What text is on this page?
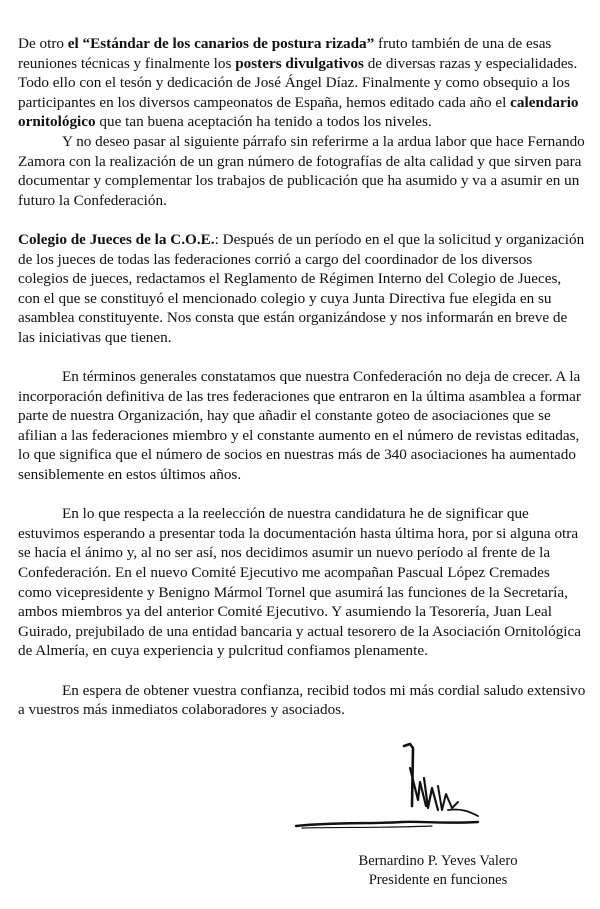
De otro el “Estándar de los canarios de postura rizada” fruto también de una de esas reuniones técnicas y finalmente los posters divulgativos de diversas razas y especialidades. Todo ello con el tesón y dedicación de José Ángel Díaz. Finalmente y como obsequio a los participantes en los diversos campeonatos de España, hemos editado cada año el calendario ornitológico que tan buena aceptación ha tenido a todos los niveles.

Y no deseo pasar al siguiente párrafo sin referirme a la ardua labor que hace Fernando Zamora con la realización de un gran número de fotografías de alta calidad y que sirven para documentar y complementar los trabajos de publicación que ha asumido y va a asumir en un futuro la Confederación.

Colegio de Jueces de la C.O.E.: Después de un período en el que la solicitud y organización de los jueces de todas las federaciones corrió a cargo del coordinador de los diversos colegios de jueces, redactamos el Reglamento de Régimen Interno del Colegio de Jueces, con el que se constituyó el mencionado colegio y cuya Junta Directiva fue elegida en su asamblea constituyente. Nos consta que están organizándose y nos informarán en breve de las iniciativas que tienen.

En términos generales constatamos que nuestra Confederación no deja de crecer. A la incorporación definitiva de las tres federaciones que entraron en la última asamblea a formar parte de nuestra Organización, hay que añadir el constante goteo de asociaciones que se afilian a las federaciones miembro y el constante aumento en el número de revistas editadas, lo que significa que el número de socios en nuestras más de 340 asociaciones ha aumentado sensiblemente en estos últimos años.

En lo que respecta a la reelección de nuestra candidatura he de significar que estuvimos esperando a presentar toda la documentación hasta última hora, por si alguna otra se hacía el ánimo y, al no ser así, nos decidimos asumir un nuevo período al frente de la Confederación. En el nuevo Comité Ejecutivo me acompañan Pascual López Cremades como vicepresidente y Benigno Mármol Tornel que asumirá las funciones de la Secretaría, ambos miembros ya del anterior Comité Ejecutivo. Y asumiendo la Tesorería, Juan Leal Guirado, prejubilado de una entidad bancaria y actual tesorero de la Asociación Ornitológica de Almería, en cuya experiencia y pulcritud confiamos plenamente.

En espera de obtener vuestra confianza, recibid todos mi más cordial saludo extensivo a vuestros más inmediatos colaboradores y asociados.

Bernardino P. Yeves Valero
Presidente en funciones
